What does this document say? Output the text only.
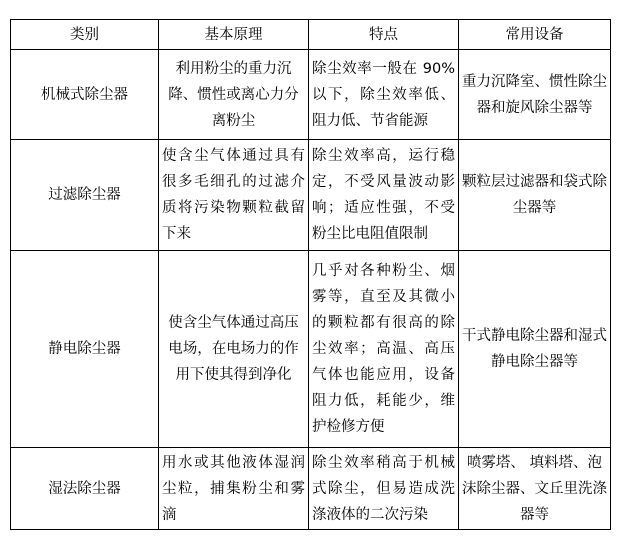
类别	基本原理	特点	常用设备
机械式除尘器	利用粉尘的重力沉降、惯性或离心力分离粉尘	除尘效率一般在 90%以下，除尘效率低、阻力低、节省能源	重力沉降室、惯性除尘器和旋风除尘器等
过滤除尘器	使含尘气体通过具有很多毛细孔的过滤介质将污染物颗粒截留下来	除尘效率高，运行稳定，不受风量波动影响；适应性强，不受粉尘比电阻值限制	颗粒层过滤器和袋式除尘器等
静电除尘器	使含尘气体通过高压电场，在电场力的作用下使其得到净化	几乎对各种粉尘、烟雾等，直至及其微小的颗粒都有很高的除尘效率；高温、高压气体也能应用，设备阻力低，耗能少，维护检修方便	干式静电除尘器和湿式静电除尘器等
湿法除尘器	用水或其他液体湿润尘粒，捕集粉尘和雾滴	除尘效率稍高于机械式除尘，但易造成洗涤液体的二次污染	喷雾塔、 填料塔、泡沫除尘器、文丘里洗涤器等
